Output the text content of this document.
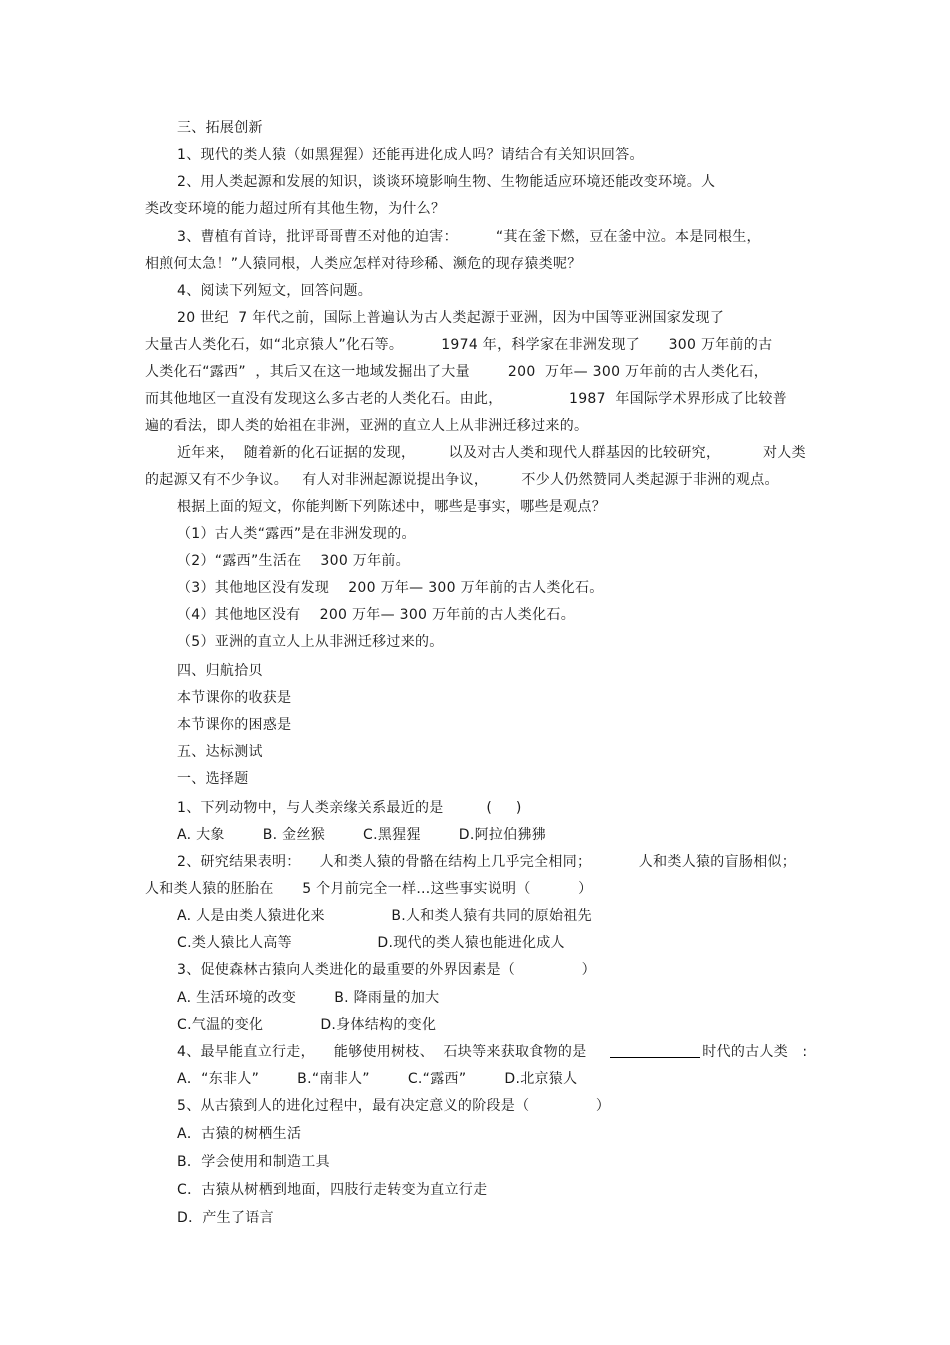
三、拓展创新
1、现代的类人猿（如黑猩猩）还能再进化成人吗？请结合有关知识回答。
2、用人类起源和发展的知识，谈谈环境影响生物、生物能适应环境还能改变环境。人
类改变环境的能力超过所有其他生物，为什么？
3、曹植有首诗，批评哥哥曹丕对他的迫害：        “萁在釜下燃，豆在釜中泣。本是同根生，
相煎何太急！”人猿同根，人类应怎样对待珍稀、濒危的现存猿类呢？
4、阅读下列短文，回答问题。
20 世纪  7 年代之前，国际上普遍认为古人类起源于亚洲，因为中国等亚洲国家发现了
大量古人类化石，如“北京猿人”化石等。        1974 年，科学家在非洲发现了      300 万年前的古
人类化石“露西”  ，其后又在这一地域发掘出了大量        200  万年— 300 万年前的古人类化石，
而其他地区一直没有发现这么多古老的人类化石。由此，              1987  年国际学术界形成了比较普
遍的看法，即人类的始祖在非洲，亚洲的直立人上从非洲迁移过来的。
近年来，  随着新的化石证据的发现，       以及对古人类和现代人群基因的比较研究，         对人类
的起源又有不少争议。   有人对非洲起源说提出争议，       不少人仍然赞同人类起源于非洲的观点。
根据上面的短文，你能判断下列陈述中，哪些是事实，哪些是观点？
（1）古人类“露西”是在非洲发现的。
（2）“露西”生活在    300 万年前。
（3）其他地区没有发现    200 万年— 300 万年前的古人类化石。
（4）其他地区没有    200 万年— 300 万年前的古人类化石。
（5）亚洲的直立人上从非洲迁移过来的。
四、归航拾贝
本节课你的收获是
本节课你的困惑是
五、达标测试
一、选择题
1、下列动物中，与人类亲缘关系最近的是         (     )
A. 大象        B. 金丝猴        C.黑猩猩        D.阿拉伯狒狒
2、研究结果表明：    人和类人猿的骨骼在结构上几乎完全相同；          人和类人猿的盲肠相似；
人和类人猿的胚胎在      5 个月前完全一样…这些事实说明（          ）
A. 人是由类人猿进化来              B.人和类人猿有共同的原始祖先
C.类人猿比人高等                  D.现代的类人猿也能进化成人
3、促使森林古猿向人类进化的最重要的外界因素是（              ）
A. 生活环境的改变        B. 降雨量的加大
C.气温的变化            D.身体结构的变化
4、最早能直立行走，    能够使用树枝、  石块等来获取食物的是	时代的古人类   :
A．“东非人”        B.“南非人”        C.“露西”        D.北京猿人
5、从古猿到人的进化过程中，最有决定意义的阶段是（              ）
A．古猿的树栖生活
B．学会使用和制造工具
C．古猿从树栖到地面，四肢行走转变为直立行走
D．产生了语言
